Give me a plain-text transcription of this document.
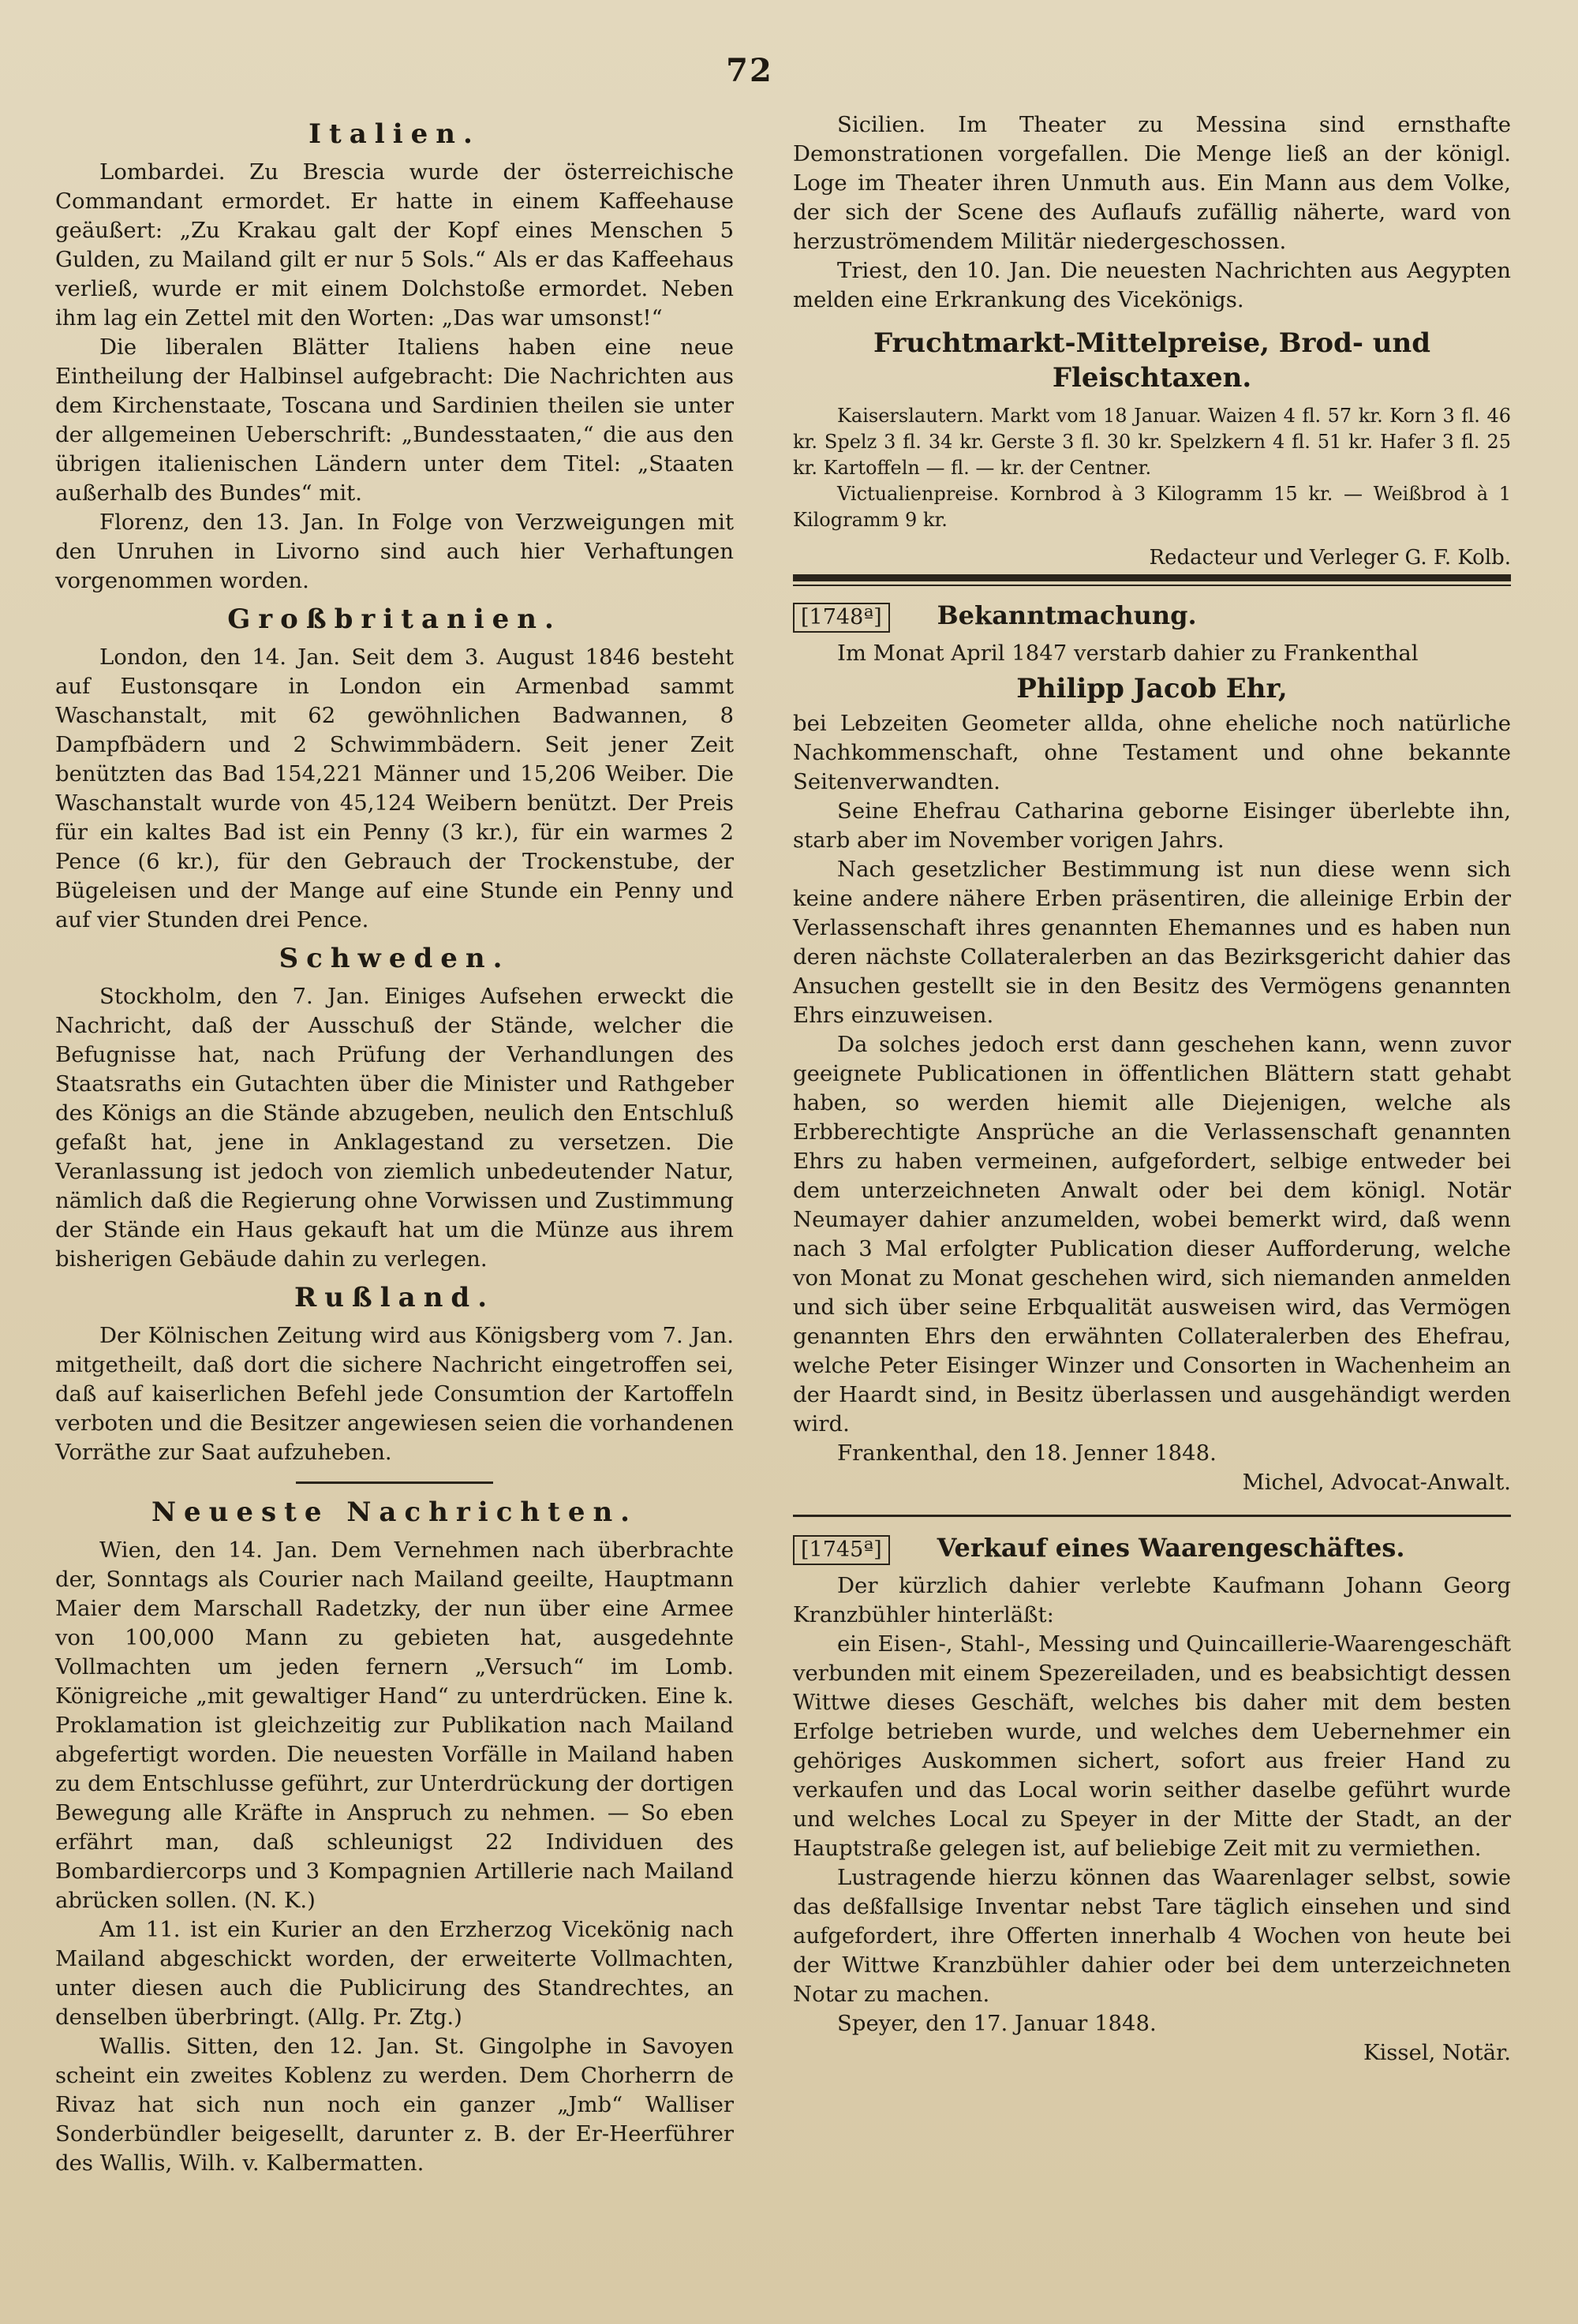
72
Italien.

Lombardei. Zu Brescia wurde der österreichische Commandant ermordet. Er hatte in einem Kaffeehause geäußert: „Zu Krakau galt der Kopf eines Menschen 5 Gulden, zu Mailand gilt er nur 5 Sols.“ Als er das Kaffeehaus verließ, wurde er mit einem Dolchstoße ermordet. Neben ihm lag ein Zettel mit den Worten: „Das war umsonst!“

Die liberalen Blätter Italiens haben eine neue Eintheilung der Halbinsel aufgebracht: Die Nachrichten aus dem Kirchenstaate, Toscana und Sardinien theilen sie unter der allgemeinen Ueberschrift: „Bundesstaaten,“ die aus den übrigen italienischen Ländern unter dem Titel: „Staaten außerhalb des Bundes“ mit.

Florenz, den 13. Jan. In Folge von Verzweigungen mit den Unruhen in Livorno sind auch hier Verhaftungen vorgenommen worden.

Großbritanien.

London, den 14. Jan. Seit dem 3. August 1846 besteht auf Eustonsqare in London ein Armenbad sammt Waschanstalt, mit 62 gewöhnlichen Badwannen, 8 Dampfbädern und 2 Schwimmbädern. Seit jener Zeit benützten das Bad 154,221 Männer und 15,206 Weiber. Die Waschanstalt wurde von 45,124 Weibern benützt. Der Preis für ein kaltes Bad ist ein Penny (3 kr.), für ein warmes 2 Pence (6 kr.), für den Gebrauch der Trockenstube, der Bügeleisen und der Mange auf eine Stunde ein Penny und auf vier Stunden drei Pence.

Schweden.

Stockholm, den 7. Jan. Einiges Aufsehen erweckt die Nachricht, daß der Ausschuß der Stände, welcher die Befugnisse hat, nach Prüfung der Verhandlungen des Staatsraths ein Gutachten über die Minister und Rathgeber des Königs an die Stände abzugeben, neulich den Entschluß gefaßt hat, jene in Anklagestand zu versetzen. Die Veranlassung ist jedoch von ziemlich unbedeutender Natur, nämlich daß die Regierung ohne Vorwissen und Zustimmung der Stände ein Haus gekauft hat um die Münze aus ihrem bisherigen Gebäude dahin zu verlegen.

Rußland.

Der Kölnischen Zeitung wird aus Königsberg vom 7. Jan. mitgetheilt, daß dort die sichere Nachricht eingetroffen sei, daß auf kaiserlichen Befehl jede Consumtion der Kartoffeln verboten und die Besitzer angewiesen seien die vorhandenen Vorräthe zur Saat aufzuheben.

Neueste Nachrichten.

Wien, den 14. Jan. Dem Vernehmen nach überbrachte der, Sonntags als Courier nach Mailand geeilte, Hauptmann Maier dem Marschall Radetzky, der nun über eine Armee von 100,000 Mann zu gebieten hat, ausgedehnte Vollmachten um jeden fernern „Versuch“ im Lomb. Königreiche „mit gewaltiger Hand“ zu unterdrücken. Eine k. Proklamation ist gleichzeitig zur Publikation nach Mailand abgefertigt worden. Die neuesten Vorfälle in Mailand haben zu dem Entschlusse geführt, zur Unterdrückung der dortigen Bewegung alle Kräfte in Anspruch zu nehmen. — So eben erfährt man, daß schleunigst 22 Individuen des Bombardiercorps und 3 Kompagnien Artillerie nach Mailand abrücken sollen. (N. K.)

Am 11. ist ein Kurier an den Erzherzog Vicekönig nach Mailand abgeschickt worden, der erweiterte Vollmachten, unter diesen auch die Publicirung des Standrechtes, an denselben überbringt. (Allg. Pr. Ztg.)

Wallis. Sitten, den 12. Jan. St. Gingolphe in Savoyen scheint ein zweites Koblenz zu werden. Dem Chorherrn de Rivaz hat sich nun noch ein ganzer „Jmb“ Walliser Sonderbündler beigesellt, darunter z. B. der Er-Heerführer des Wallis, Wilh. v. Kalbermatten.

Sicilien. Im Theater zu Messina sind ernsthafte Demonstrationen vorgefallen. Die Menge ließ an der königl. Loge im Theater ihren Unmuth aus. Ein Mann aus dem Volke, der sich der Scene des Auflaufs zufällig näherte, ward von herzuströmendem Militär niedergeschossen.

Triest, den 10. Jan. Die neuesten Nachrichten aus Aegypten melden eine Erkrankung des Vicekönigs.

Fruchtmarkt-Mittelpreise, Brod- und Fleischtaxen.

Kaiserslautern. Markt vom 18 Januar. Waizen 4 fl. 57 kr. Korn 3 fl. 46 kr. Spelz 3 fl. 34 kr. Gerste 3 fl. 30 kr. Spelzkern 4 fl. 51 kr. Hafer 3 fl. 25 kr. Kartoffeln — fl. — kr. der Centner.

Victualienpreise. Kornbrod à 3 Kilogramm 15 kr. — Weißbrod à 1 Kilogramm 9 kr.

Redacteur und Verleger G. F. Kolb.
[1748ª]	Bekanntmachung.

Im Monat April 1847 verstarb dahier zu Frankenthal

Philipp Jacob Ehr,

bei Lebzeiten Geometer allda, ohne eheliche noch natürliche Nachkommenschaft, ohne Testament und ohne bekannte Seitenverwandten.

Seine Ehefrau Catharina geborne Eisinger überlebte ihn, starb aber im November vorigen Jahrs.

Nach gesetzlicher Bestimmung ist nun diese wenn sich keine andere nähere Erben präsentiren, die alleinige Erbin der Verlassenschaft ihres genannten Ehemannes und es haben nun deren nächste Collateralerben an das Bezirksgericht dahier das Ansuchen gestellt sie in den Besitz des Vermögens genannten Ehrs einzuweisen.

Da solches jedoch erst dann geschehen kann, wenn zuvor geeignete Publicationen in öffentlichen Blättern statt gehabt haben, so werden hiemit alle Diejenigen, welche als Erbberechtigte Ansprüche an die Verlassenschaft genannten Ehrs zu haben vermeinen, aufgefordert, selbige entweder bei dem unterzeichneten Anwalt oder bei dem königl. Notär Neumayer dahier anzumelden, wobei bemerkt wird, daß wenn nach 3 Mal erfolgter Publication dieser Aufforderung, welche von Monat zu Monat geschehen wird, sich niemanden anmelden und sich über seine Erbqualität ausweisen wird, das Vermögen genannten Ehrs den erwähnten Collateralerben des Ehefrau, welche Peter Eisinger Winzer und Consorten in Wachenheim an der Haardt sind, in Besitz überlassen und ausgehändigt werden wird.

Frankenthal, den 18. Jenner 1848.
Michel, Advocat-Anwalt.
[1745ª]	Verkauf eines Waarengeschäftes.

Der kürzlich dahier verlebte Kaufmann Johann Georg Kranzbühler hinterläßt:

ein Eisen-, Stahl-, Messing und Quincaillerie-Waarengeschäft verbunden mit einem Spezereiladen, und es beabsichtigt dessen Wittwe dieses Geschäft, welches bis daher mit dem besten Erfolge betrieben wurde, und welches dem Uebernehmer ein gehöriges Auskommen sichert, sofort aus freier Hand zu verkaufen und das Local worin seither daselbe geführt wurde und welches Local zu Speyer in der Mitte der Stadt, an der Hauptstraße gelegen ist, auf beliebige Zeit mit zu vermiethen.

Lustragende hierzu können das Waarenlager selbst, sowie das deßfallsige Inventar nebst Tare täglich einsehen und sind aufgefordert, ihre Offerten innerhalb 4 Wochen von heute bei der Wittwe Kranzbühler dahier oder bei dem unterzeichneten Notar zu machen.

Speyer, den 17. Januar 1848.
Kissel, Notär.
